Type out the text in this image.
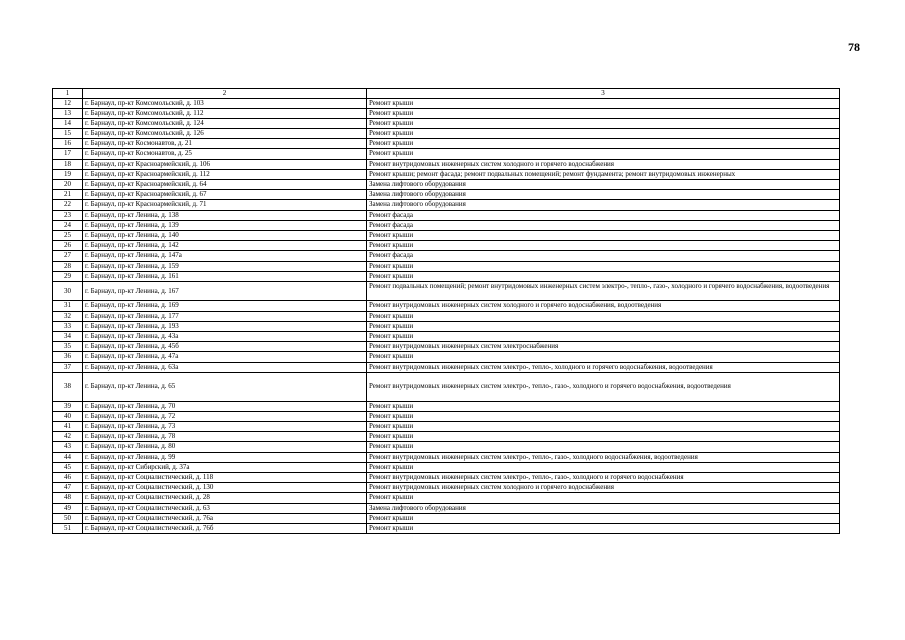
78
1	2	3
12	г. Барнаул, пр-кт Комсомольский, д. 103	Ремонт крыши
13	г. Барнаул, пр-кт Комсомольский, д. 112	Ремонт крыши
14	г. Барнаул, пр-кт Комсомольский, д. 124	Ремонт крыши
15	г. Барнаул, пр-кт Комсомольский, д. 126	Ремонт крыши
16	г. Барнаул, пр-кт Космонавтов, д. 21	Ремонт крыши
17	г. Барнаул, пр-кт Космонавтов, д. 25	Ремонт крыши
18	г. Барнаул, пр-кт Красноармейский, д. 106	Ремонт внутридомовых инженерных систем холодного и горячего водоснабжения
19	г. Барнаул, пр-кт Красноармейский, д. 112	Ремонт крыши; ремонт фасада; ремонт подвальных помещений; ремонт фундамента; ремонт внутридомовых инженерных
20	г. Барнаул, пр-кт Красноармейский, д. 64	Замена лифтового оборудования
21	г. Барнаул, пр-кт Красноармейский, д. 67	Замена лифтового оборудования
22	г. Барнаул, пр-кт Красноармейский, д. 71	Замена лифтового оборудования
23	г. Барнаул, пр-кт Ленина, д. 138	Ремонт фасада
24	г. Барнаул, пр-кт Ленина, д. 139	Ремонт фасада
25	г. Барнаул, пр-кт Ленина, д. 140	Ремонт крыши
26	г. Барнаул, пр-кт Ленина, д. 142	Ремонт крыши
27	г. Барнаул, пр-кт Ленина, д. 147а	Ремонт фасада
28	г. Барнаул, пр-кт Ленина, д. 159	Ремонт крыши
29	г. Барнаул, пр-кт Ленина, д. 161	Ремонт крыши
30	г. Барнаул, пр-кт Ленина, д. 167	Ремонт подвальных помещений; ремонт внутридомовых инженерных систем электро-, тепло-, газо-, холодного и горячего водоснабжения, водоотведения
31	г. Барнаул, пр-кт Ленина, д. 169	Ремонт внутридомовых инженерных систем холодного и горячего водоснабжения, водоотведения
32	г. Барнаул, пр-кт Ленина, д. 177	Ремонт крыши
33	г. Барнаул, пр-кт Ленина, д. 193	Ремонт крыши
34	г. Барнаул, пр-кт Ленина, д. 43а	Ремонт крыши
35	г. Барнаул, пр-кт Ленина, д. 45б	Ремонт внутридомовых инженерных систем электроснабжения
36	г. Барнаул, пр-кт Ленина, д. 47а	Ремонт крыши
37	г. Барнаул, пр-кт Ленина, д. 63а	Ремонт внутридомовых инженерных систем электро-, тепло-, холодного и горячего водоснабжения, водоотведения
38	г. Барнаул, пр-кт Ленина, д. 65	Ремонт внутридомовых инженерных систем электро-, тепло-, газо-, холодного и горячего водоснабжения, водоотведения
39	г. Барнаул, пр-кт Ленина, д. 70	Ремонт крыши
40	г. Барнаул, пр-кт Ленина, д. 72	Ремонт крыши
41	г. Барнаул, пр-кт Ленина, д. 73	Ремонт крыши
42	г. Барнаул, пр-кт Ленина, д. 78	Ремонт крыши
43	г. Барнаул, пр-кт Ленина, д. 80	Ремонт крыши
44	г. Барнаул, пр-кт Ленина, д. 99	Ремонт внутридомовых инженерных систем электро-, тепло-, газо-, холодного водоснабжения, водоотведения
45	г. Барнаул, пр-кт Сибирский, д. 37а	Ремонт крыши
46	г. Барнаул, пр-кт Социалистический, д. 118	Ремонт внутридомовых инженерных систем электро-, тепло-, газо-, холодного и горячего водоснабжения
47	г. Барнаул, пр-кт Социалистический, д. 130	Ремонт внутридомовых инженерных систем холодного и горячего водоснабжения
48	г. Барнаул, пр-кт Социалистический, д. 28	Ремонт крыши
49	г. Барнаул, пр-кт Социалистический, д. 63	Замена лифтового оборудования
50	г. Барнаул, пр-кт Социалистический, д. 76а	Ремонт крыши
51	г. Барнаул, пр-кт Социалистический, д. 76б	Ремонт крыши
